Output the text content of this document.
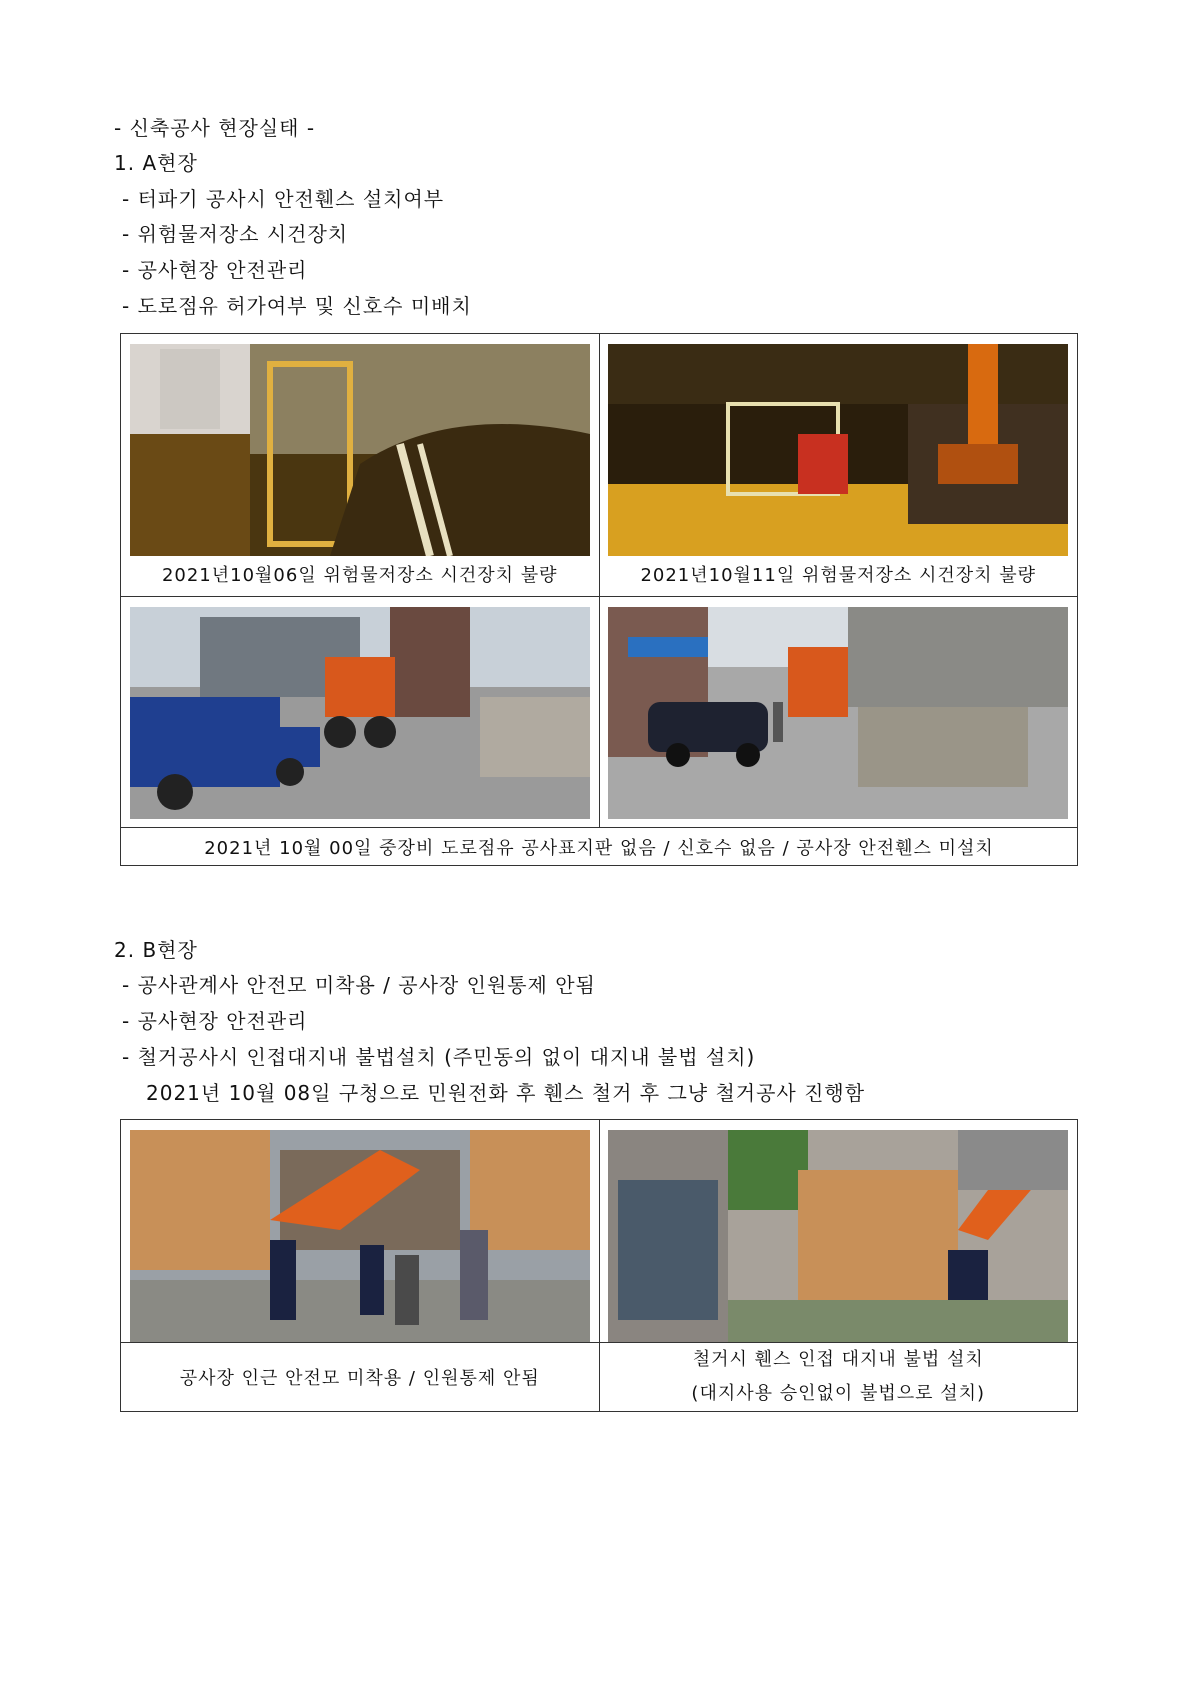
- 신축공사 현장실태 -
1. A현장
- 터파기 공사시 안전휀스 설치여부
- 위험물저장소 시건장치
- 공사현장 안전관리
- 도로점유 허가여부 및 신호수 미배치
2021년10월06일 위험물저장소 시건장치 불량	2021년10월11일 위험물저장소 시건장치 불량

2021년 10월 00일 중장비 도로점유 공사표지판 없음 / 신호수 없음 / 공사장 안전휀스 미설치	
2. B현장
- 공사관계사 안전모 미착용 / 공사장 인원통제 안됨
- 공사현장 안전관리
- 철거공사시 인접대지내 불법설치 (주민동의 없이 대지내 불법 설치)
2021년 10월 08일 구청으로 민원전화 후 휀스 철거 후 그냥 철거공사 진행함

공사장 인근 안전모 미착용 / 인원통제 안됨	철거시 휀스 인접 대지내 불법 설치
(대지사용 승인없이 불법으로 설치)
